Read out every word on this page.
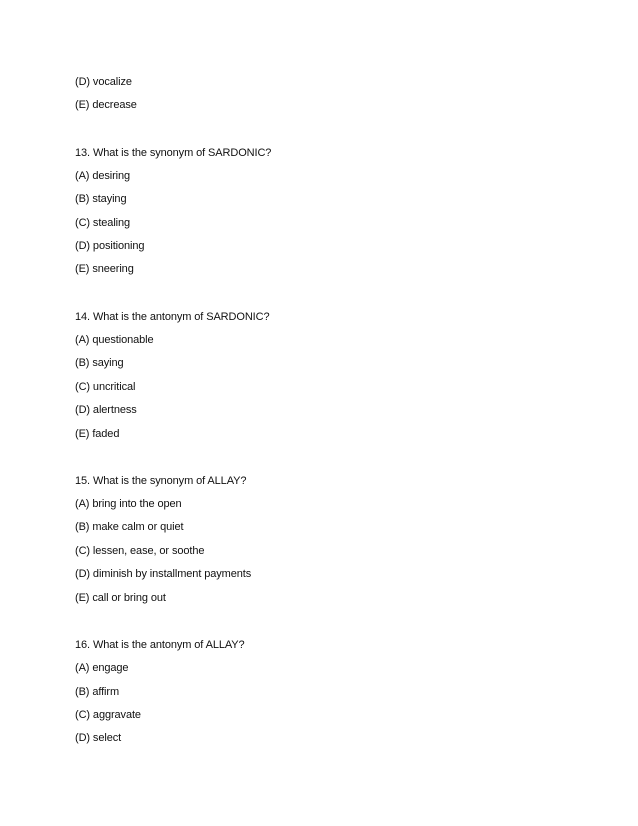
(D) vocalize
(E) decrease
13. What is the synonym of SARDONIC?
(A) desiring
(B) staying
(C) stealing
(D) positioning
(E) sneering
14. What is the antonym of SARDONIC?
(A) questionable
(B) saying
(C) uncritical
(D) alertness
(E) faded
15. What is the synonym of ALLAY?
(A) bring into the open
(B) make calm or quiet
(C) lessen, ease, or soothe
(D) diminish by installment payments
(E) call or bring out
16. What is the antonym of ALLAY?
(A) engage
(B) affirm
(C) aggravate
(D) select
